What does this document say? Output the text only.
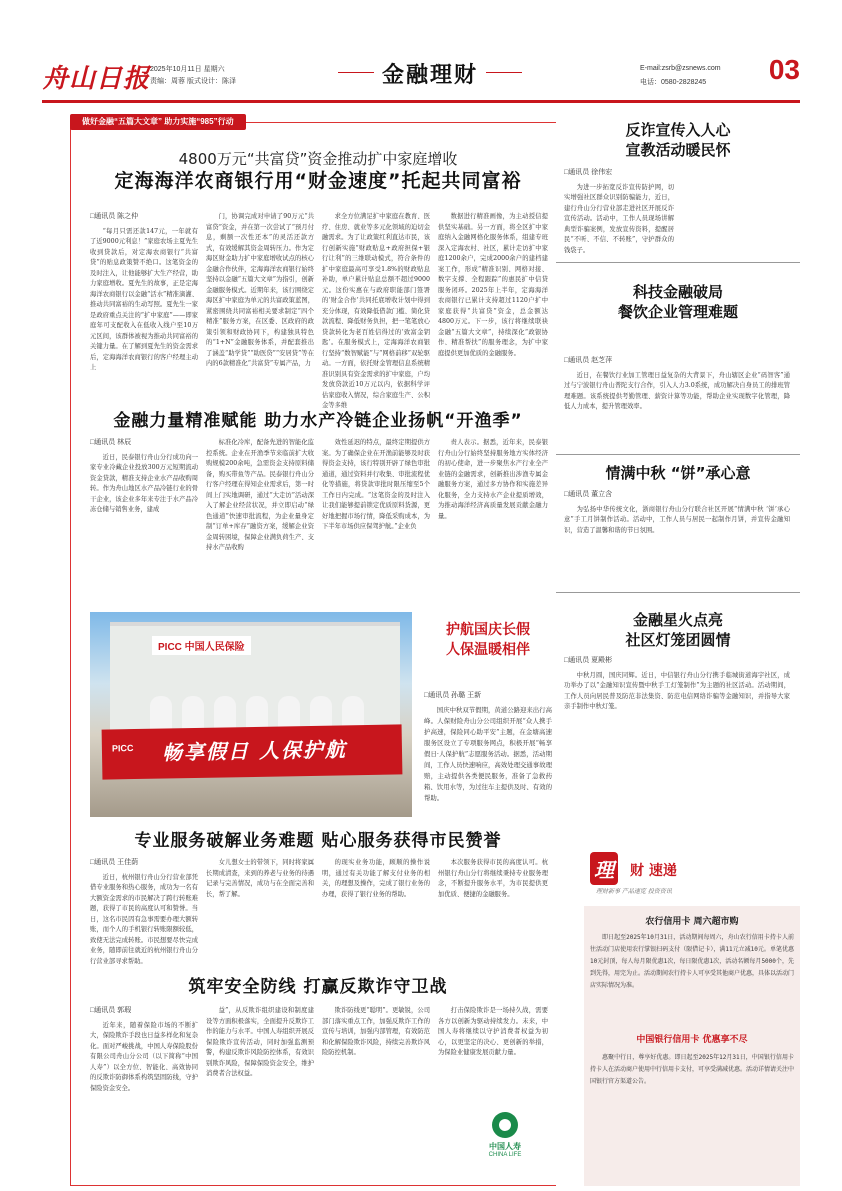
舟山日报 2025年10月11日 星期六
责编：周蓉 版式设计：陈泽	金融理财	E-mail:zsrb@zsnews.com
电话：0580-2828245	03
做好金融“五篇大文章” 助力实施“985”行动
4800万元“共富贷”资金推动扩中家庭增收
定海海洋农商银行用“财金速度”托起共同富裕
□通讯员 陈之仲

“每月只需还款147元，一年就有了近9000元利息！”家庭农场主夏先生收到贷款后，对定海农商银行“共富贷”的贴息政策赞不绝口。这笔资金的及时注入，让他能够扩大生产经营，助力家庭增收。夏先生的故事，正是定海海洋农商银行以金融“活水”精准滴灌、推动共同富裕的生动写照。夏先生一家是政府重点关注的“扩中家庭”——即家庭年可支配收入在低收入线户至10万元区间，该群体被视为推动共同富裕的关键力量。在了解到夏先生的资金需求后，定海海洋农商银行的客户经理主动上

门，协调完成对申请了90万元“共富贷”资金，并在第一次尝试了“预月付息，剩额一次性还本”的灵活还款方式，有效缓解其资金周转压力。作为定海区财金助力扩中家庭增收试点的核心金融合作伙伴，定海海洋农商银行始终坚持以金融“五篇大文章”为指引，创新金融服务模式。近期年来，该行围绕定海区扩中家庭为单元的共富政策蓝图，紧密围绕共同富裕相关要求制定“四个精准”服务方案，在区委、区政府的政策引领和财政协同下，构建独具特色的“1+N”金融服务体系，并配套推出了涵盖“助学贷”“助医贷”“安居贷”等在内的6款精准化“共富贷”专属产品，力

求全方位满足扩中家庭在教育、医疗、住房、就业等多元化领域的迫切金融需求。为了让政策红利直达市民，该行创新实施“财政贴息+政府担保+银行让利”的三维联动模式，符合条件的扩中家庭最高可享受1.8%的财政贴息补助，单户累计贴息总额不超过9000元。这份实惠在与政府职能部门签署的‘财金合作’共同托底增收计划中得到充分体现，有效降低借款门槛、简化贷款流程、降低财务负担，把一笔笔放心贷款转化为老百姓信得过的‘致富金钥匙’。在服务模式上，定海海洋农商银行坚持“数智赋能”与“网格前移”双轮驱动。一方面，依托财金管理信息系统精准识别具有资金需求的扩中家庭，户均发放贷款近10万元以内，依据科学评估家庭收入情况，综合家庭生产、公积金等多维

数据进行精准画像，为主动授信提供坚实基础。另一方面，将全区扩中家庭纳入金融网格化服务体系，组建专班深入定海农村、社区，累计走访扩中家庭1200余户，完成2000余户的建档建案工作，形成“精准识别、网格对接、数字支撑、全程跟踪”的惠民扩中信贷服务闭环。2025年上半年，定海海洋农商银行已累计支持超过1120户扩中家庭获得“共富贷”资金，总金额达4800万元。下一步，该行将继续联袂金融“五篇大文章”，持续深化“政银协作、精准帮扶”的服务理念，为扩中家庭提供更加优质的金融服务。

金融力量精准赋能 助力水产冷链企业扬帆“开渔季”
□通讯员 林辰

近日，民泰银行舟山分行成功向一家专业冷藏企业投放300万元短期流动资金贷款，精准支持企业水产品收购周转。作为舟山地区水产品冷链行业的骨干企业，该企业多年来专注于水产品冷冻仓储与销售业务，建成

标准化冷库，配备先进的智能化监控系统。企业在开渔季节来临前扩大收购规模200余吨，急需资金支持原料储备，购买带鱼等产品。民泰银行舟山分行客户经理在得知企业需求后，第一时间上门实地调研，通过“大走访”活动深入了解企业经营状况，并立即启动“绿色通道”快速审批流程，为企业量身定制“订单+库存”融资方案，缓解企业资金周转困境，保障企业满负荷生产、支持水产品收购

效性延迟的特点，最终定期提供方案。为了确保企业在开渔前能够及时获得资金支持，该行特别开辟了绿色审批通道，通过资料并行收集、审批流程优化等措施，将贷款审批时限压缩至5个工作日内完成。“这笔资金的及时注入让我们能够提前锁定优质原料货源，更好地把握市场行情，降低采购成本，为下半年市场供应保驾护航。”企业负

责人表示。据悉，近年来，民泰银行舟山分行始终坚持服务地方实体经济的初心使命，进一步聚焦水产行业全产业链的金融需求，创新推出涉渔专属金融服务方案，通过多方协作和实施差异化服务，全力支持水产企业提质增效，为推动海洋经济高质量发展贡献金融力量。

PICC 中国人民保险
PICC 畅享假日 人保护航
护航国庆长假
人保温暖相伴
□通讯员 孙璐 王新

国庆中秋双节假期，黄道公路迎来出行高峰。人保财险舟山分公司组织开展“众人携手护高速，保险同心助平安”主题，在金塘高速服务区设立了专项服务网点，积极开展“畅享假日·人保护航”志愿服务活动。据悉，活动期间，工作人员快速响应，高效处理交通事故理赔，主动提供各类便民服务，准备了急救药箱、饮用水等，为过往车主提供及时、有效的帮助。

专业服务破解业务难题 贴心服务获得市民赞誉
□通讯员 王佳荫

近日，杭州银行舟山分行营业部凭借专业服务和热心服务，成功为一名有大额资金需求的市民解决了跨行转账难题，获得了市民的高度认可和赞誉。当日，这名市民因有急事需要办理大额转账，而个人的手机银行转账限额较低，致使无法完成转账。市民想要尽快完成业务，随即前往就近的杭州银行舟山分行营业部寻求帮助。

女儿想女士的带领下，同时将家属长期成清查，来到的养老与业务的待遇记录与完善情况，成功与在全面完善和长，帮了解。

的现实业务功能，顾顺的操作说明，通过有关功能了解支付业务的相关，的理想及操作，完成了银行业务的办理，获得了银行业务的帮助。

本次服务获得市民的高度认可。杭州银行舟山分行将继续秉持专业服务理念，不断提升服务水平，为市民提供更加优质、便捷的金融服务。

筑牢安全防线 打赢反欺诈守卫战
□通讯员 郭瑕

近年来，随着保险市场的不断扩大，保险欺诈手段也日益多样化和复杂化。面对严峻挑战，中国人寿保险股份有限公司舟山分公司（以下简称“中国人寿”）以全方位、智能化、高效协同的反欺诈防御体系构筑坚固防线，守护保险资金安全。

益”，从反欺诈组织建设和制度建设等方面积极落实，全面提升反欺诈工作的能力与水平。中国人寿组织开展反保险欺诈宣传活动，同时加强监测预警，构建反欺诈风险防控体系，有效识别欺诈风险，保障保险资金安全，维护消费者合法权益。

欺诈防线更“聪明”。更敏锐，公司部门落实重点工作，加强反欺诈工作的宣传与培训，加强内部管理，有效防范和化解保险欺诈风险，持续完善欺诈风险防控机制。

打击保险欺诈是一场持久战，需要各方以创新为驱动持续发力。未来，中国人寿将继续以守护消费者权益为初心，以更坚定的决心、更创新的举措，为保险业健康发展贡献力量。

中国人寿
CHINA LIFE
反诈宣传入人心
宣教活动暖民怀
□通讯员 徐伟宏

为进一步拓宽反诈宣传防护网，切实增强社区群众识别防骗能力，近日，建行舟山分行营业部走进社区开展反诈宣传活动。活动中，工作人员现场讲解典型诈骗案例，发放宣传资料，提醒居民“不听、不信、不转账”，守护群众的钱袋子。

科技金融破局
餐饮企业管理难题
□通讯员 赵芝萍

近日，在餐饮行业加工管理日益复杂的大背景下，舟山辖区企业“码智客”通过与宁波银行舟山普陀支行合作，引入人力3.0系统，成功解决自身员工的排班管理难题。该系统提供考勤管理、薪资计算等功能，帮助企业实现数字化管理，降低人力成本，提升管理效率。

情满中秋 “饼”承心意
□通讯员 董立含

为弘扬中华传统文化，浙商银行舟山分行联合社区开展“情满中秋 ‘饼’承心意”手工月饼制作活动。活动中，工作人员与居民一起制作月饼，并宣传金融知识，营造了温馨和谐的节日氛围。

金融星火点亮
社区灯笼团圆情
□通讯员 夏殿彬

中秋月圆，国庆同辉。近日，中信银行舟山分行携手临城街道海宇社区，成功举办了以“金融知识宣传暨中秋手工灯笼制作”为主题的社区活动。活动期间，工作人员向居民普及防范非法集资、防范电信网络诈骗等金融知识，并指导大家亲手制作中秋灯笼。

理 财 速递
理财新事 产品速览 投资资讯
农行信用卡 周六超市购

即日起至2025年10月31日，活动期间每周六，舟山农行信用卡持卡人前往活动门店使用农行掌银扫码支付（限借记卡），满11元立减10元。单笔优惠10元封顶，每人每月限优惠1次，每日限优惠1次，活动名额每月5000个，先到先得，用完为止。活动期间农行持卡人可享受其他商户优惠，具体以活动门店实际情况为准。

中国银行信用卡 优惠享不尽

惠聚中行日，尊享好优惠。即日起至2025年12月31日，中国银行信用卡持卡人在活动商户使用中行信用卡支付，可享受满减优惠。活动详情请关注中国银行官方渠道公告。
